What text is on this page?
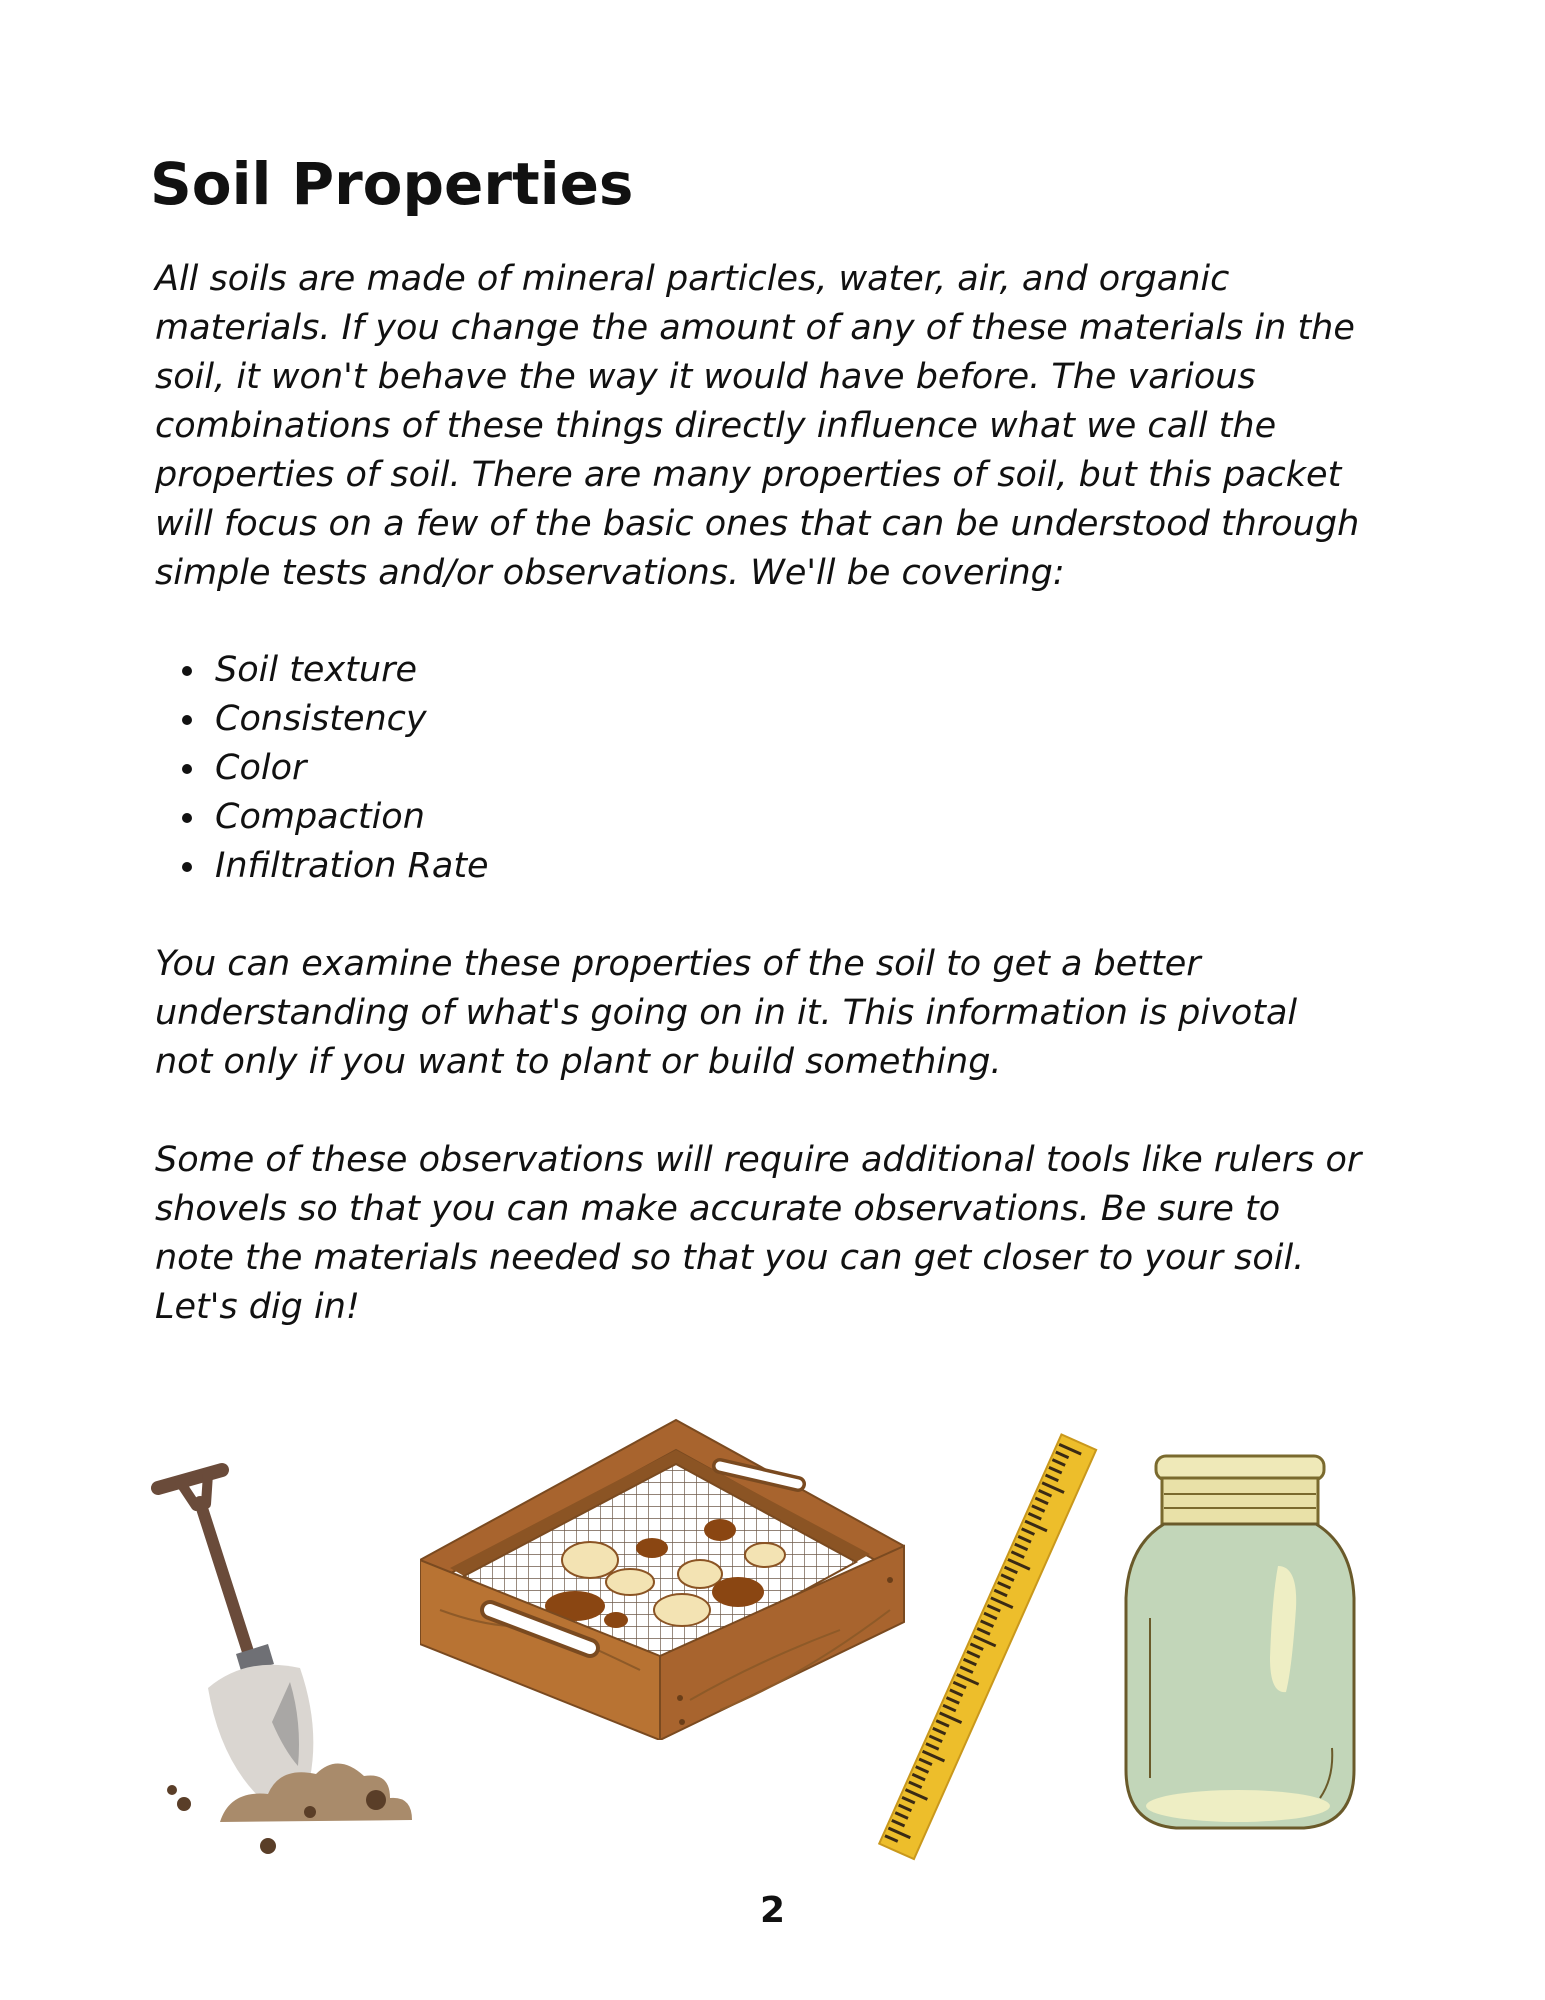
Soil Properties

All soils are made of mineral particles, water, air, and organic materials. If you change the amount of any of these materials in the soil, it won't behave the way it would have before. The various combinations of these things directly influence what we call the properties of soil. There are many properties of soil, but this packet will focus on a few of the basic ones that can be understood through simple tests and/or observations. We'll be covering:

Soil texture
Consistency
Color
Compaction
Infiltration Rate

You can examine these properties of the soil to get a better understanding of what's going on in it. This information is pivotal not only if you want to plant or build something.

Some of these observations will require additional tools like rulers or shovels so that you can make accurate observations. Be sure to note the materials needed so that you can get closer to your soil. Let's dig in!

2
